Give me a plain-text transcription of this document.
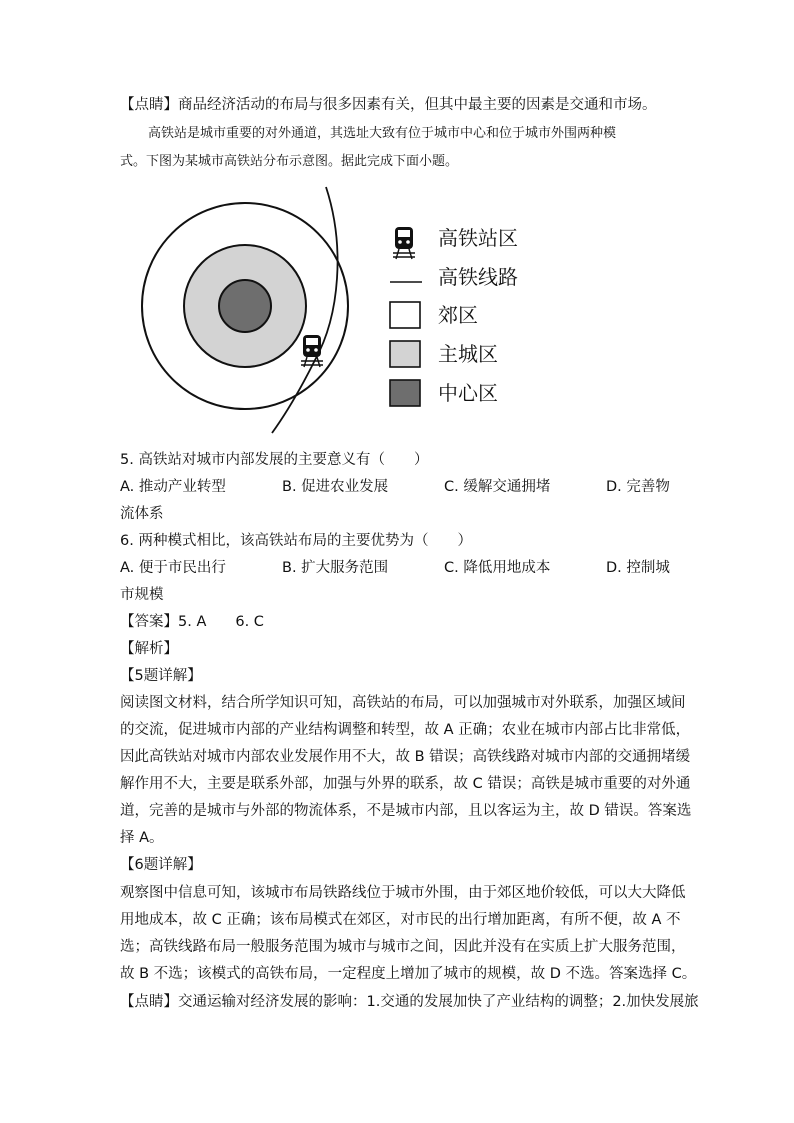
【点睛】商品经济活动的布局与很多因素有关，但其中最主要的因素是交通和市场。
高铁站是城市重要的对外通道，其选址大致有位于城市中心和位于城市外围两种模
式。下图为某城市高铁站分布示意图。据此完成下面小题。
高铁站区
高铁线路
郊区
主城区
中心区
5. 高铁站对城市内部发展的主要意义有（　　）
A. 推动产业转型	B. 促进农业发展	C. 缓解交通拥堵	D. 完善物
流体系
6. 两种模式相比，该高铁站布局的主要优势为（　　）
A. 便于市民出行	B. 扩大服务范围	C. 降低用地成本	D. 控制城
市规模
【答案】5. A　　6. C
【解析】
【5题详解】
阅读图文材料，结合所学知识可知，高铁站的布局，可以加强城市对外联系，加强区域间
的交流，促进城市内部的产业结构调整和转型，故 A 正确；农业在城市内部占比非常低，
因此高铁站对城市内部农业发展作用不大，故 B 错误；高铁线路对城市内部的交通拥堵缓
解作用不大，主要是联系外部，加强与外界的联系，故 C 错误；高铁是城市重要的对外通
道，完善的是城市与外部的物流体系，不是城市内部，且以客运为主，故 D 错误。答案选
择 A。
【6题详解】
观察图中信息可知，该城市布局铁路线位于城市外围，由于郊区地价较低，可以大大降低
用地成本，故 C 正确；该布局模式在郊区，对市民的出行增加距离，有所不便，故 A 不
选；高铁线路布局一般服务范围为城市与城市之间，因此并没有在实质上扩大服务范围，
故 B 不选；该模式的高铁布局，一定程度上增加了城市的规模，故 D 不选。答案选择 C。
【点睛】交通运输对经济发展的影响：1.交通的发展加快了产业结构的调整；2.加快发展旅
